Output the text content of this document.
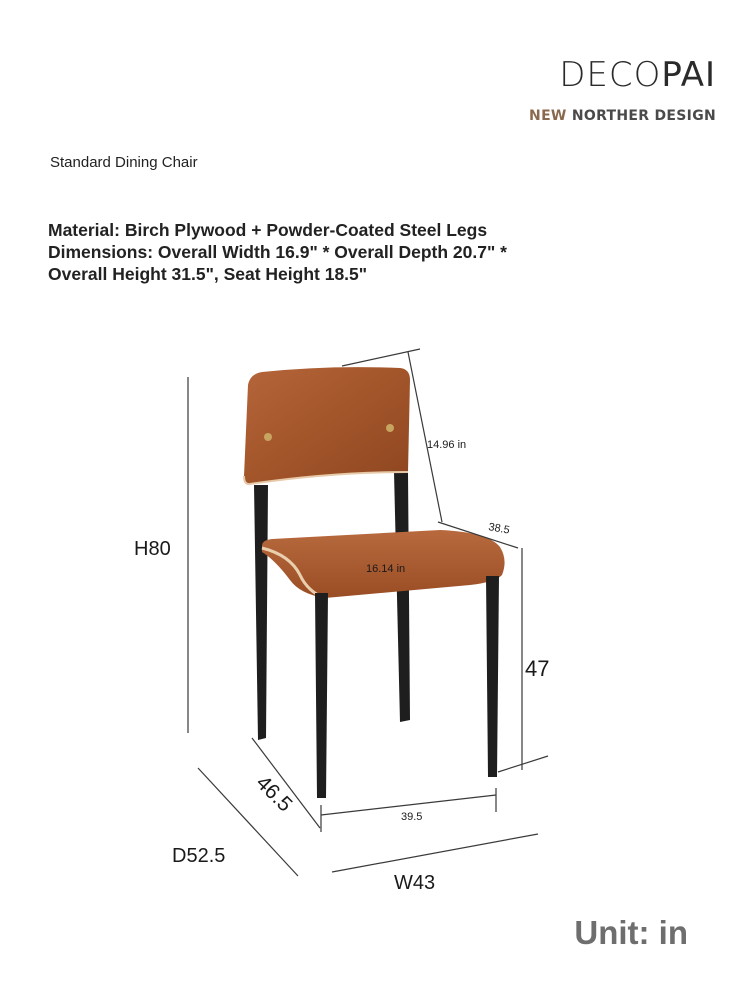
DECOPAI
NEW NORTHER DESIGN
Standard Dining Chair
Material: Birch Plywood + Powder-Coated Steel Legs
Dimensions: Overall Width 16.9" * Overall Depth 20.7" *
Overall Height 31.5", Seat Height 18.5"
14.96 in
38.5
16.14 in
H80
47
46.5
39.5
D52.5
W43
Unit: in
